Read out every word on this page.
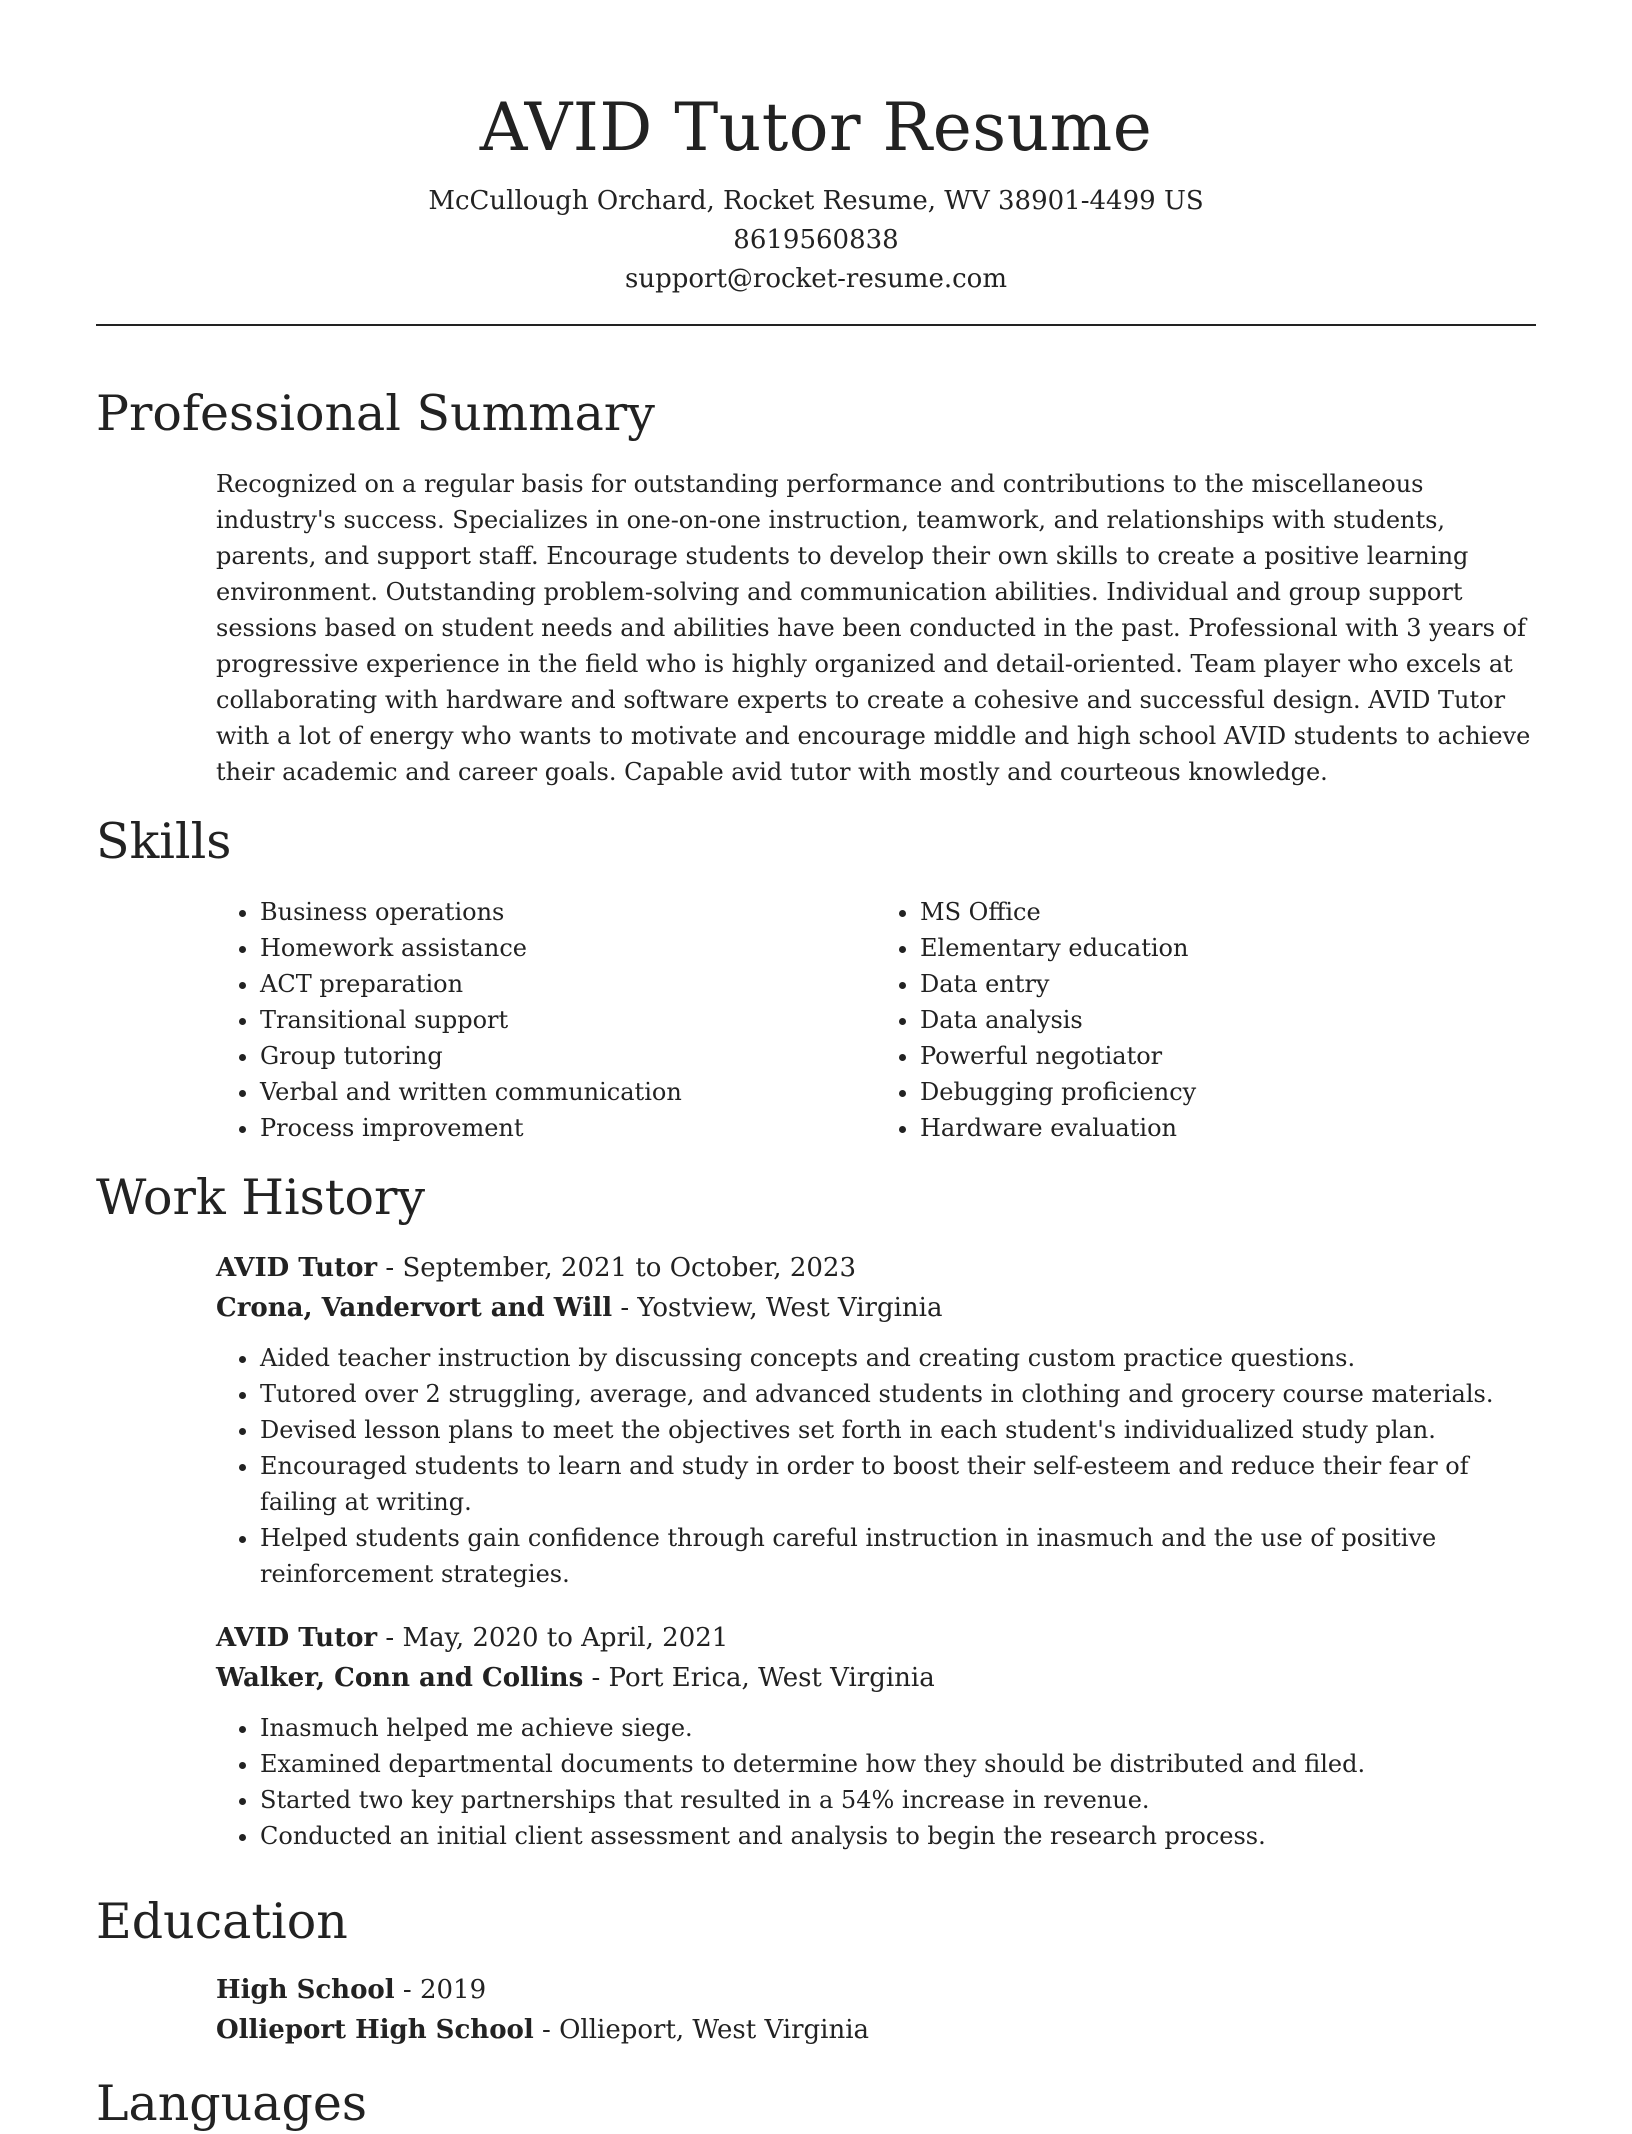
AVID Tutor Resume
McCullough Orchard, Rocket Resume, WV 38901-4499 US
8619560838
support@rocket-resume.com
Professional Summary
Recognized on a regular basis for outstanding performance and contributions to the miscellaneous industry's success. Specializes in one-on-one instruction, teamwork, and relationships with students, parents, and support staff. Encourage students to develop their own skills to create a positive learning environment. Outstanding problem-solving and communication abilities. Individual and group support sessions based on student needs and abilities have been conducted in the past. Professional with 3 years of progressive experience in the field who is highly organized and detail-oriented. Team player who excels at collaborating with hardware and software experts to create a cohesive and successful design. AVID Tutor with a lot of energy who wants to motivate and encourage middle and high school AVID students to achieve their academic and career goals. Capable avid tutor with mostly and courteous knowledge.
Skills
• Business operations
• Homework assistance
• ACT preparation
• Transitional support
• Group tutoring
• Verbal and written communication
• Process improvement
• MS Office
• Elementary education
• Data entry
• Data analysis
• Powerful negotiator
• Debugging proficiency
• Hardware evaluation
Work History
AVID Tutor - September, 2021 to October, 2023
Crona, Vandervort and Will - Yostview, West Virginia
• Aided teacher instruction by discussing concepts and creating custom practice questions.
• Tutored over 2 struggling, average, and advanced students in clothing and grocery course materials.
• Devised lesson plans to meet the objectives set forth in each student's individualized study plan.
• Encouraged students to learn and study in order to boost their self-esteem and reduce their fear of failing at writing.
• Helped students gain confidence through careful instruction in inasmuch and the use of positive reinforcement strategies.
AVID Tutor - May, 2020 to April, 2021
Walker, Conn and Collins - Port Erica, West Virginia
• Inasmuch helped me achieve siege.
• Examined departmental documents to determine how they should be distributed and filed.
• Started two key partnerships that resulted in a 54% increase in revenue.
• Conducted an initial client assessment and analysis to begin the research process.
Education
High School - 2019
Ollieport High School - Ollieport, West Virginia
Languages
